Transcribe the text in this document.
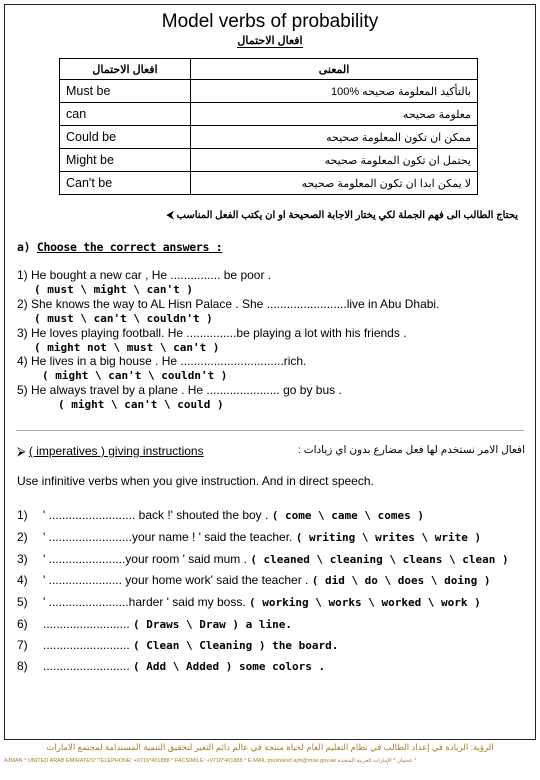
Model verbs of probability
افعال الاحتمال
افعال الاحتمال	المعنى
Must be	بالتأكيد المعلومة صحيحه %100
can	معلومة صحيحه
Could be	ممكن ان تكون المعلومة صحيحه
Might be	يحتمل ان تكون المعلومة صحيحه
Can't be	لا يمكن ابدا ان تكون المعلومة صحيحه
يحتاج الطالب الى فهم الجملة لكي يختار الاجابة الصحيحة او ان يكتب الفعل المناسب ⮜
a) Choose the correct answers :
1) He bought a new car , He ............... be poor .
( must \ might \ can't )
2) She knows the way to AL Hisn Palace . She ........................live in Abu Dhabi.
( must \ can't \ couldn't )
3) He loves playing football. He ...............be playing a lot with his friends .
( might not \ must \ can't )
4) He lives in a big house . He ...............................rich.
( might \ can't \ couldn't )
5) He always travel by a plane . He ...................... go by bus .
( might \ can't \ could )
⮚ ( imperatives ) giving instructions	افعال الامر نستخدم لها فعل مضارع بدون اي زيادات :
Use infinitive verbs when you give instruction. And in direct speech.
1) ' .......................... back !' shouted the boy . ( come \ came \ comes )
2) ' .........................your name ! ' said the teacher. ( writing \ writes \ write )
3) ' .......................your room ' said mum . ( cleaned \ cleaning \ cleans \ clean )
4) ' ...................... your home work' said the teacher . ( did \ do \ does \ doing )
5) ' ........................harder ' said my boss. ( working \ works \ worked \ work )
6) .......................... ( Draws \ Draw ) a line.
7) .......................... ( Clean \ Cleaning ) the board.
8) .......................... ( Add \ Added ) some colors .
الرؤية: الريادة في إعداد الطالب في نظام التعليم العام لحياة منتجة في عالم دائم التغير لتحقيق التنمية المستدامة لمجتمع الامارات
AJMAN * UNITED ARAB EMIRATES* TELEPHONE: +9716*401888 * FACSIMILE: +9716*401888 * E-MAIL:mushairef.ajm@moe.gov.ae عجمان * الإمارات العربية المتحدة *
